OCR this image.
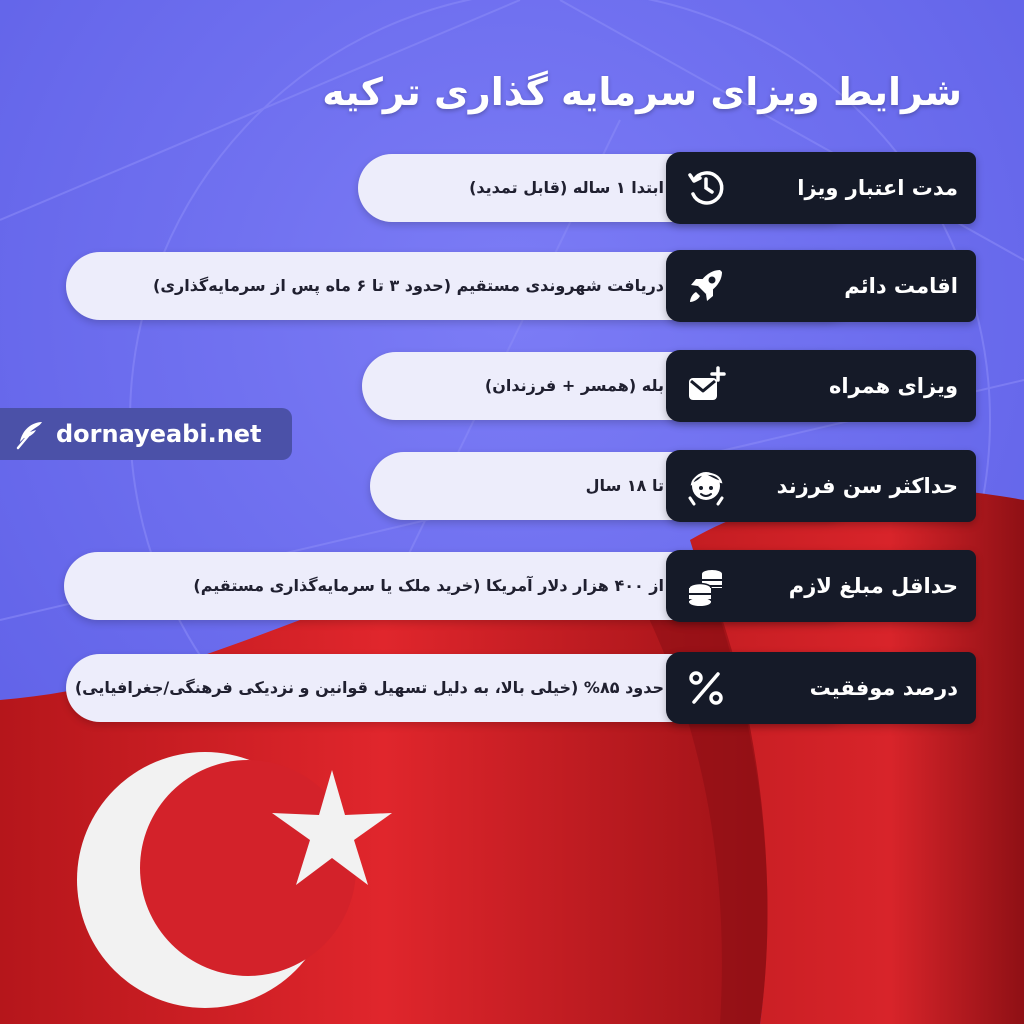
شرایط ویزای سرمایه گذاری ترکیه
ابتدا ۱ ساله (قابل تمدید)	مدت اعتبار ویزا
دریافت شهروندی مستقیم (حدود ۳ تا ۶ ماه پس از سرمایه‌گذاری)	اقامت دائم
بله (همسر + فرزندان)	ویزای همراه
تا ۱۸ سال	حداکثر سن فرزند
از ۴۰۰ هزار دلار آمریکا (خرید ملک یا سرمایه‌گذاری مستقیم)	حداقل مبلغ لازم
حدود ۸۵% (خیلی بالا، به دلیل تسهیل قوانین و نزدیکی فرهنگی/جغرافیایی)	درصد موفقیت
dornayeabi.net
